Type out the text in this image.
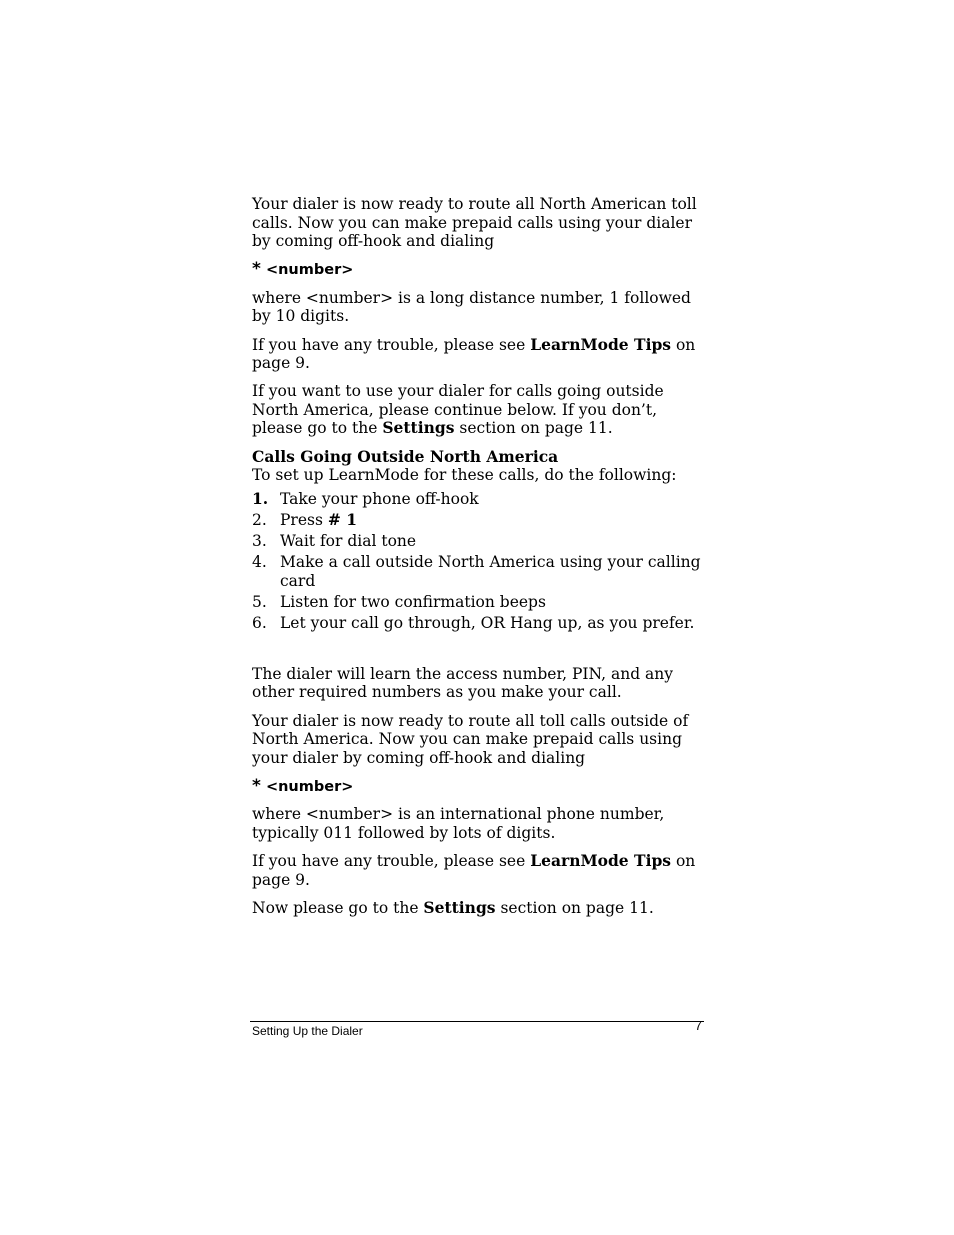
Your dialer is now ready to route all North American toll calls. Now you can make prepaid calls using your dialer by coming off-hook and dialing

* <number>

where <number> is a long distance number, 1 followed by 10 digits.

If you have any trouble, please see LearnMode Tips on page 9.

If you want to use your dialer for calls going outside North America, please continue below. If you don’t, please go to the Settings section on page 11.

Calls Going Outside North America

To set up LearnMode for these calls, do the following:

1. Take your phone off-hook
2. Press # 1
3. Wait for dial tone
4. Make a call outside North America using your calling card
5. Listen for two confirmation beeps
6. Let your call go through, OR Hang up, as you prefer.

The dialer will learn the access number, PIN, and any other required numbers as you make your call.

Your dialer is now ready to route all toll calls outside of North America. Now you can make prepaid calls using your dialer by coming off-hook and dialing

* <number>

where <number> is an international phone number, typically 011 followed by lots of digits.

If you have any trouble, please see LearnMode Tips on page 9.

Now please go to the Settings section on page 11.

Setting Up the Dialer	7
